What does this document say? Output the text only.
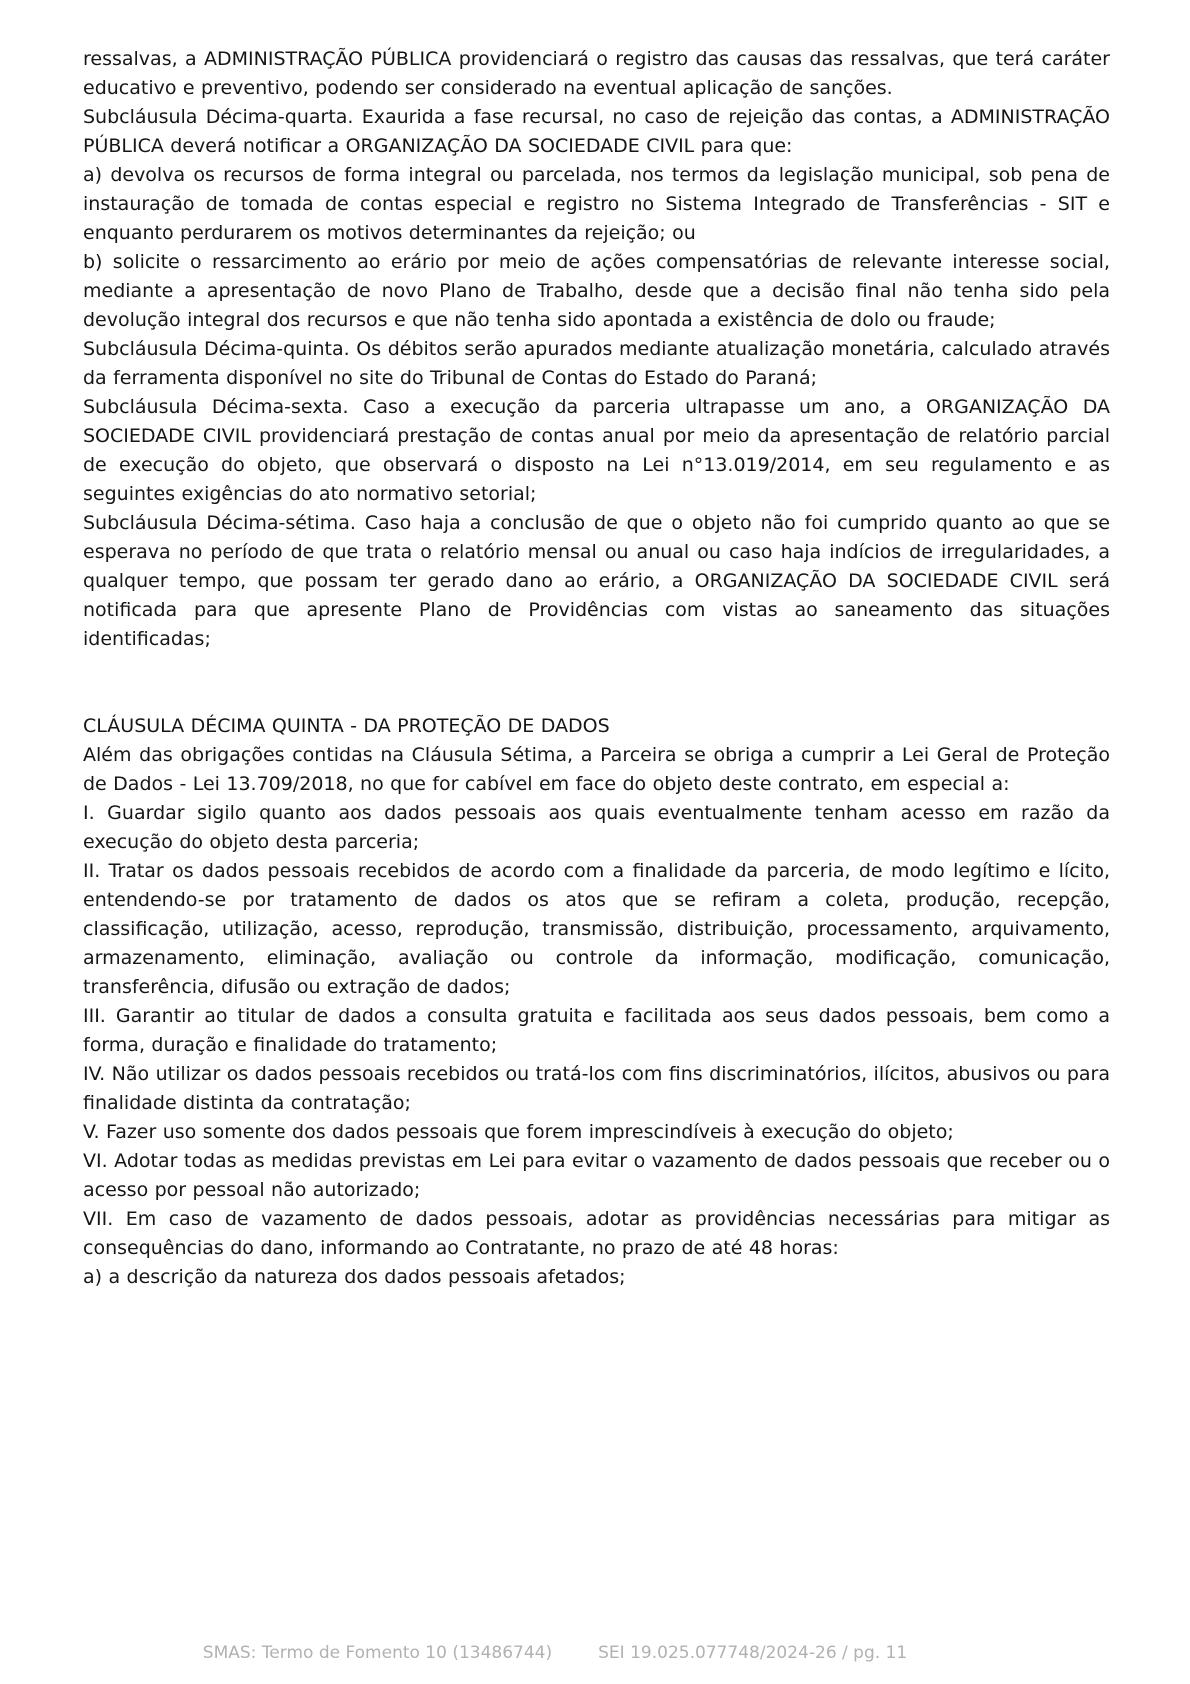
ressalvas, a ADMINISTRAÇÃO PÚBLICA providenciará o registro das causas das ressalvas, que terá caráter educativo e preventivo, podendo ser considerado na eventual aplicação de sanções.

Subcláusula Décima-quarta. Exaurida a fase recursal, no caso de rejeição das contas, a ADMINISTRAÇÃO PÚBLICA deverá notificar a ORGANIZAÇÃO DA SOCIEDADE CIVIL para que:

a) devolva os recursos de forma integral ou parcelada, nos termos da legislação municipal, sob pena de instauração de tomada de contas especial e registro no Sistema Integrado de Transferências - SIT e enquanto perdurarem os motivos determinantes da rejeição; ou

b) solicite o ressarcimento ao erário por meio de ações compensatórias de relevante interesse social, mediante a apresentação de novo Plano de Trabalho, desde que a decisão final não tenha sido pela devolução integral dos recursos e que não tenha sido apontada a existência de dolo ou fraude;

Subcláusula Décima-quinta. Os débitos serão apurados mediante atualização monetária, calculado através da ferramenta disponível no site do Tribunal de Contas do Estado do Paraná;

Subcláusula Décima-sexta. Caso a execução da parceria ultrapasse um ano, a ORGANIZAÇÃO DA SOCIEDADE CIVIL providenciará prestação de contas anual por meio da apresentação de relatório parcial de execução do objeto, que observará o disposto na Lei n°13.019/2014, em seu regulamento e as seguintes exigências do ato normativo setorial;

Subcláusula Décima-sétima. Caso haja a conclusão de que o objeto não foi cumprido quanto ao que se esperava no período de que trata o relatório mensal ou anual ou caso haja indícios de irregularidades, a qualquer tempo, que possam ter gerado dano ao erário, a ORGANIZAÇÃO DA SOCIEDADE CIVIL será notificada para que apresente Plano de Providências com vistas ao saneamento das situações identificadas;

CLÁUSULA DÉCIMA QUINTA - DA PROTEÇÃO DE DADOS

Além das obrigações contidas na Cláusula Sétima, a Parceira se obriga a cumprir a Lei Geral de Proteção de Dados - Lei 13.709/2018, no que for cabível em face do objeto deste contrato, em especial a:

I. Guardar sigilo quanto aos dados pessoais aos quais eventualmente tenham acesso em razão da execução do objeto desta parceria;

II. Tratar os dados pessoais recebidos de acordo com a finalidade da parceria, de modo legítimo e lícito, entendendo-se por tratamento de dados os atos que se refiram a coleta, produção, recepção, classificação, utilização, acesso, reprodução, transmissão, distribuição, processamento, arquivamento, armazenamento, eliminação, avaliação ou controle da informação, modificação, comunicação, transferência, difusão ou extração de dados;

III. Garantir ao titular de dados a consulta gratuita e facilitada aos seus dados pessoais, bem como a forma, duração e finalidade do tratamento;

IV. Não utilizar os dados pessoais recebidos ou tratá-los com fins discriminatórios, ilícitos, abusivos ou para finalidade distinta da contratação;

V. Fazer uso somente dos dados pessoais que forem imprescindíveis à execução do objeto;

VI. Adotar todas as medidas previstas em Lei para evitar o vazamento de dados pessoais que receber ou o acesso por pessoal não autorizado;

VII. Em caso de vazamento de dados pessoais, adotar as providências necessárias para mitigar as consequências do dano, informando ao Contratante, no prazo de até 48 horas:

a) a descrição da natureza dos dados pessoais afetados;

SMAS: Termo de Fomento 10 (13486744)	SEI 19.025.077748/2024-26 / pg. 11
